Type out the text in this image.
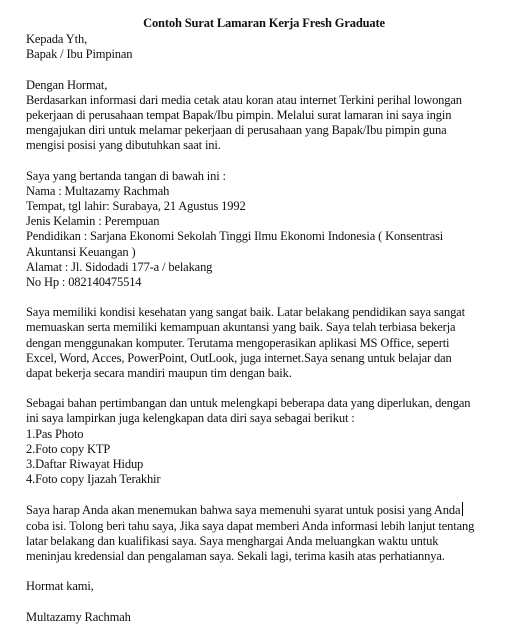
Contoh Surat Lamaran Kerja Fresh Graduate
Kepada Yth,
Bapak / Ibu Pimpinan
Dengan Hormat,
Berdasarkan informasi dari media cetak atau koran atau internet Terkini perihal lowongan
pekerjaan di perusahaan tempat Bapak/Ibu pimpin. Melalui surat lamaran ini saya ingin
mengajukan diri untuk melamar pekerjaan di perusahaan yang Bapak/Ibu pimpin guna
mengisi posisi yang dibutuhkan saat ini.
Saya yang bertanda tangan di bawah ini :
Nama : Multazamy Rachmah
Tempat, tgl lahir: Surabaya, 21 Agustus 1992
Jenis Kelamin : Perempuan
Pendidikan : Sarjana Ekonomi Sekolah Tinggi Ilmu Ekonomi Indonesia ( Konsentrasi
Akuntansi Keuangan )
Alamat : Jl. Sidodadi 177-a / belakang
No Hp : 082140475514
Saya memiliki kondisi kesehatan yang sangat baik. Latar belakang pendidikan saya sangat
memuaskan serta memiliki kemampuan akuntansi yang baik. Saya telah terbiasa bekerja
dengan menggunakan komputer. Terutama mengoperasikan aplikasi MS Office, seperti
Excel, Word, Acces, PowerPoint, OutLook, juga internet.Saya senang untuk belajar dan
dapat bekerja secara mandiri maupun tim dengan baik.
Sebagai bahan pertimbangan dan untuk melengkapi beberapa data yang diperlukan, dengan
ini saya lampirkan juga kelengkapan data diri saya sebagai berikut :
1.Pas Photo
2.Foto copy KTP
3.Daftar Riwayat Hidup
4.Foto copy Ijazah Terakhir
Saya harap Anda akan menemukan bahwa saya memenuhi syarat untuk posisi yang Anda
coba isi. Tolong beri tahu saya, Jika saya dapat memberi Anda informasi lebih lanjut tentang
latar belakang dan kualifikasi saya. Saya menghargai Anda meluangkan waktu untuk
meninjau kredensial dan pengalaman saya. Sekali lagi, terima kasih atas perhatiannya.
Hormat kami,
Multazamy Rachmah
